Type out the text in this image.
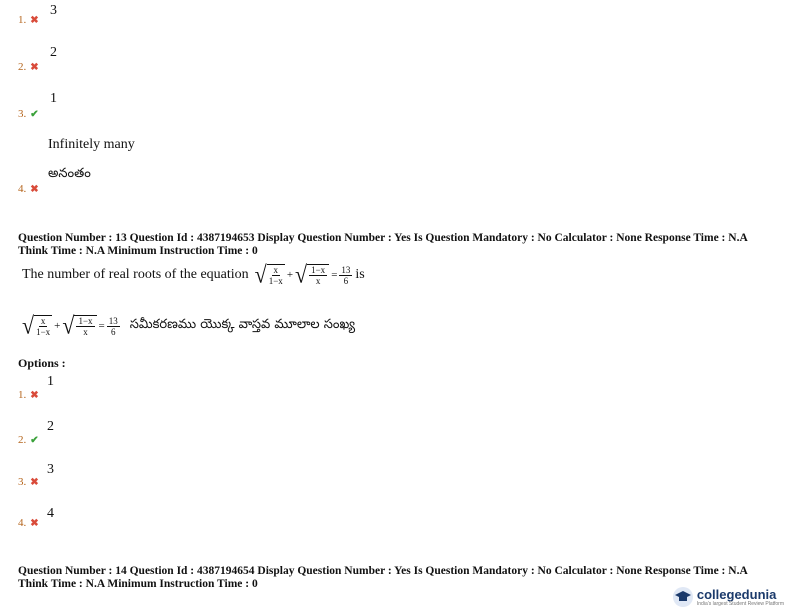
1. ✖
3
2. ✖
2
3. ✔
1
Infinitely many
అనంతం
4. ✖
Question Number : 13 Question Id : 4387194653 Display Question Number : Yes Is Question Mandatory : No Calculator : None Response Time : N.A Think Time : N.A Minimum Instruction Time : 0
The number of real roots of the equation √ $\frac{x}{1-x}$ + √ $\frac{1-x}{x} = \frac{13}{6}$ is
√ $\frac{x}{1-x}$ + √ $\frac{1-x}{x} = \frac{13}{6}$ సమీకరణము యొక్క వాస్తవ మూలాల సంఖ్య
Options :
1. ✖
1
2. ✔
2
3. ✖
3
4. ✖
4
Question Number : 14 Question Id : 4387194654 Display Question Number : Yes Is Question Mandatory : No Calculator : None Response Time : N.A Think Time : N.A Minimum Instruction Time : 0
collegedunia
India's largest Student Review Platform
